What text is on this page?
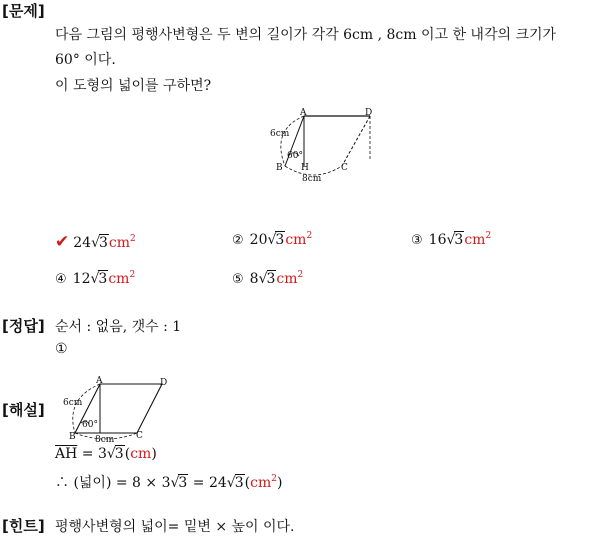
[문제]
다음 그림의 평행사변형은 두 변의 길이가 각각 6cm , 8cm 이고 한 내각의 크기가
60° 이다.
이 도형의 넓이를 구하면?
A	D
B H	C
6cm
60°
8cm
✔ $24√3cm^2$	② $20√3cm^2$	③ $16√3cm^2$
④ $12√3cm^2$	⑤ $8√3cm^2$
[정답] 순서 : 없음, 갯수 : 1
①
[해설]
A	D
B	C
6cm
60°
8cm
$\overline{AH} = 3√3(cm)$
∴ (넓이) = $8 \times 3√3 = 24√3(cm^2)$
[힌트] 평행사변형의 넓이= 밑변 × 높이 이다.
